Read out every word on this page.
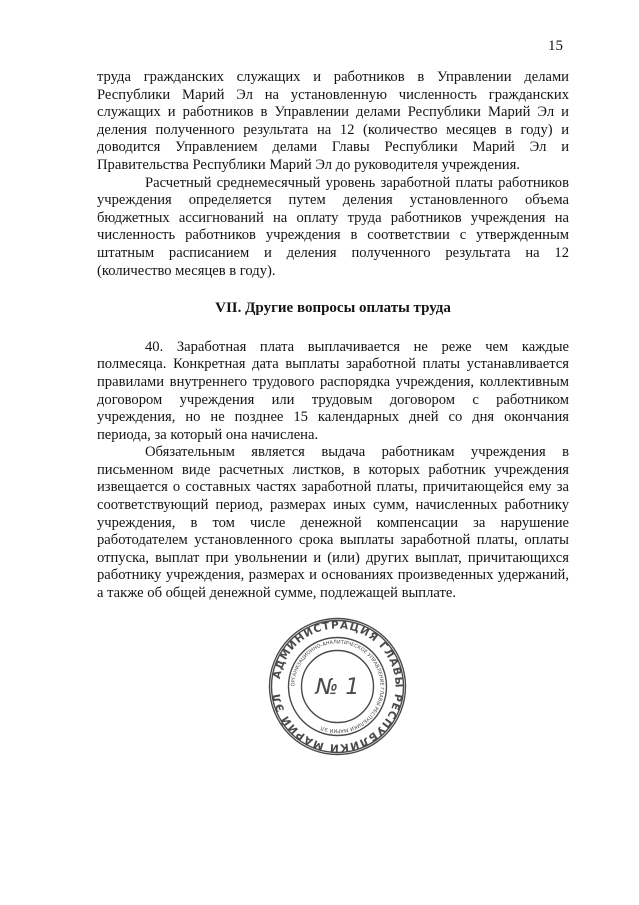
15

труда гражданских служащих и работников в Управлении делами Республики Марий Эл на установленную численность гражданских служащих и работников в Управлении делами Республики Марий Эл и деления полученного результата на 12 (количество месяцев в году) и доводится Управлением делами Главы Республики Марий Эл и Правительства Республики Марий Эл до руководителя учреждения.

Расчетный среднемесячный уровень заработной платы работников учреждения определяется путем деления установленного объема бюджетных ассигнований на оплату труда работников учреждения на численность работников учреждения в соответствии с утвержденным штатным расписанием и деления полученного результата на 12 (количество месяцев в году).

VII. Другие вопросы оплаты труда

40. Заработная плата выплачивается не реже чем каждые полмесяца. Конкретная дата выплаты заработной платы устанавливается правилами внутреннего трудового распорядка учреждения, коллективным договором учреждения или трудовым договором с работником учреждения, но не позднее 15 календарных дней со дня окончания периода, за который она начислена.

Обязательным является выдача работникам учреждения в письменном виде расчетных листков, в которых работник учреждения извещается о составных частях заработной платы, причитающейся ему за соответствующий период, размерах иных сумм, начисленных работнику учреждения, в том числе денежной компенсации за нарушение работодателем установленного срока выплаты заработной платы, оплаты отпуска, выплат при увольнении и (или) других выплат, причитающихся работнику учреждения, размерах и основаниях произведенных удержаний, а также об общей денежной сумме, подлежащей выплате.

АДМИНИСТРАЦИЯ ГЛАВЫ РЕСПУБЛИКИ МАРИЙ ЭЛ
ОРГАНИЗАЦИОННО-АНАЛИТИЧЕСКОЕ УПРАВЛЕНИЕ ГЛАВЫ РЕСПУБЛИКИ МАРИЙ ЭЛ
№ 1
